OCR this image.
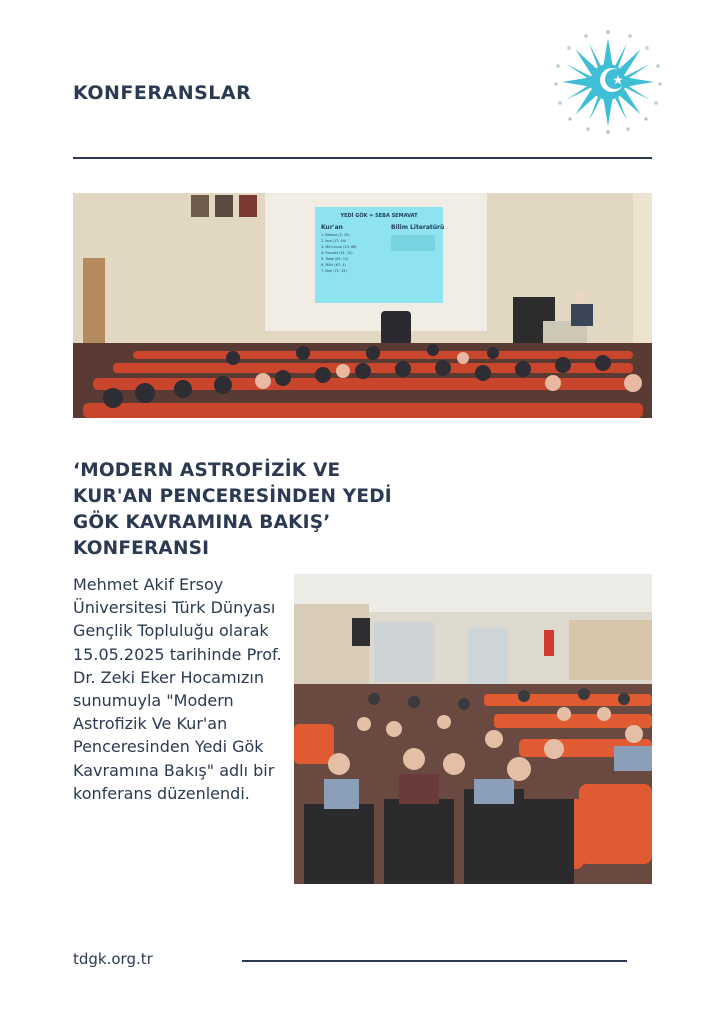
KONFERANSLAR
YEDİ GÖK = SEBA SEMAVAT
Kur'an	Bilim Literatürü
1. Bakara (2: 29)
2. İsra (17: 44)
3. Mü'minun (23: 86)
4. Fussilet (41: 12)
5. Talak (65: 12)
6. Mülk (67: 3)
7. Nuh (71: 15)
‘MODERN ASTROFİZİK VE KUR'AN PENCERESİNDEN YEDİ GÖK KAVRAMINA BAKIŞ’ KONFERANSI
Mehmet Akif Ersoy Üniversitesi Türk Dünyası Gençlik Topluluğu olarak 15.05.2025 tarihinde Prof. Dr. Zeki Eker Hocamızın sunumuyla "Modern Astrofizik Ve Kur'an Penceresinden Yedi Gök Kavramına Bakış" adlı bir konferans düzenlendi.
tdgk.org.tr
